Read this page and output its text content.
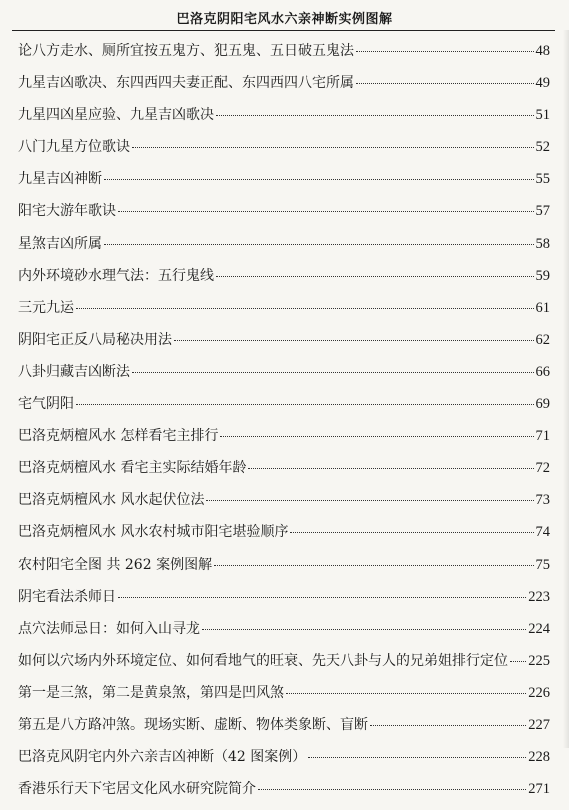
巴洛克阴阳宅风水六亲神断实例图解
论八方走水、厕所宜按五鬼方、犯五鬼、五日破五鬼法	48
九星吉凶歌决、东四西四夫妻正配、东四西四八宅所属	49
九星四凶星应验、九星吉凶歌决	51
八门九星方位歌诀	52
九星吉凶神断	55
阳宅大游年歌诀	57
星煞吉凶所属	58
内外环境砂水理气法：五行鬼线	59
三元九运	61
阴阳宅正反八局秘决用法	62
八卦归藏吉凶断法	66
宅气阴阳	69
巴洛克炳檀风水 怎样看宅主排行	71
巴洛克炳檀风水 看宅主实际结婚年龄	72
巴洛克炳檀风水 风水起伏位法	73
巴洛克炳檀风水 风水农村城市阳宅堪验顺序	74
农村阳宅全图 共 262 案例图解	75
阴宅看法杀师日	223
点穴法师忌日：如何入山寻龙	224
如何以穴场内外环境定位、如何看地气的旺衰、先天八卦与人的兄弟姐排行定位 225
第一是三煞，第二是黄泉煞，第四是凹风煞	226
第五是八方路冲煞。现场实断、虚断、物体类象断、盲断	227
巴洛克风阴宅内外六亲吉凶神断（42 图案例）	228
香港乐行天下宅居文化风水研究院简介	271
